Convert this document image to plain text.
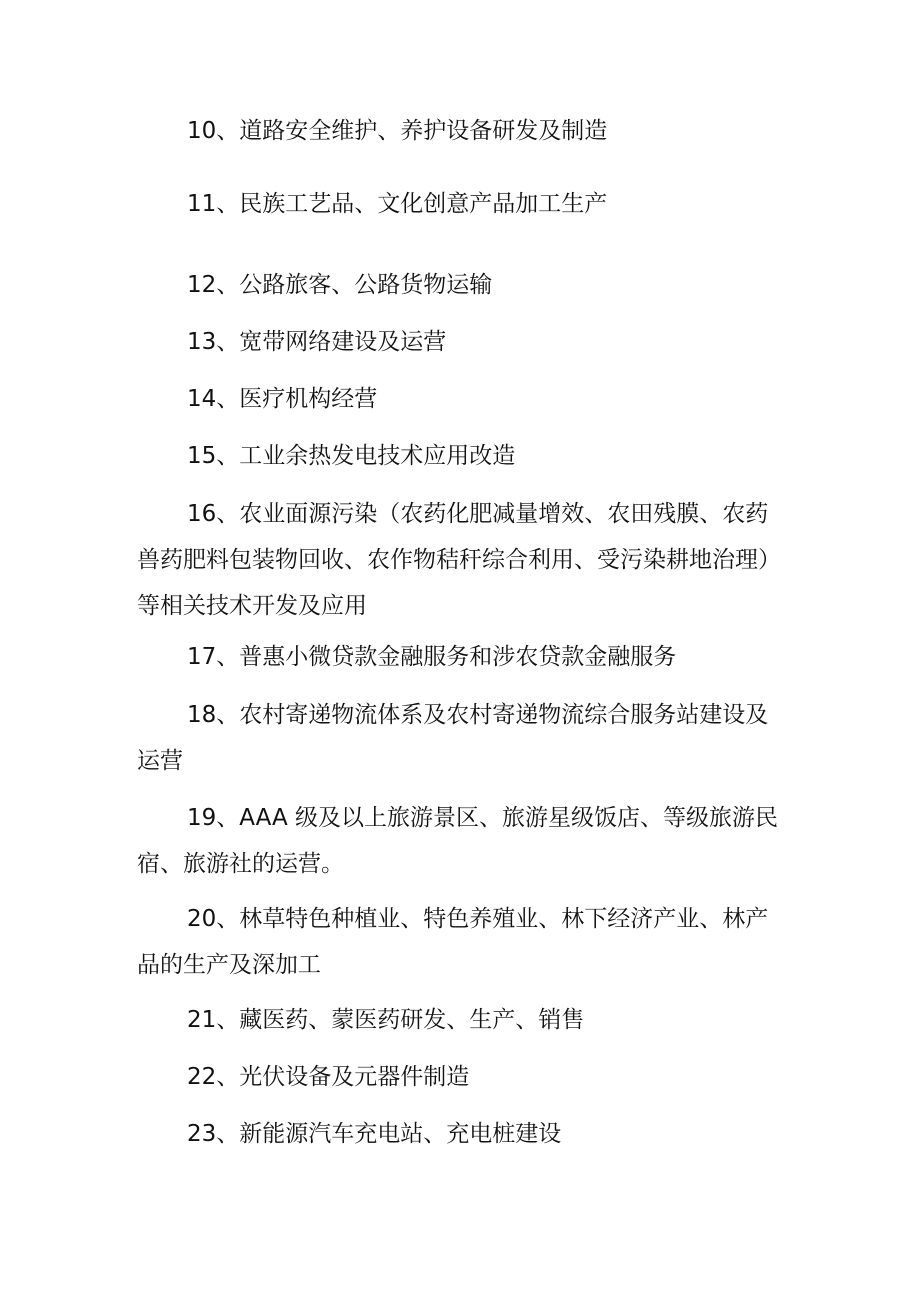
10、道路安全维护、养护设备研发及制造

11、民族工艺品、文化创意产品加工生产

12、公路旅客、公路货物运输

13、宽带网络建设及运营

14、医疗机构经营

15、工业余热发电技术应用改造

16、农业面源污染（农药化肥减量增效、农田残膜、农药兽药肥料包装物回收、农作物秸秆综合利用、受污染耕地治理）等相关技术开发及应用

17、普惠小微贷款金融服务和涉农贷款金融服务

18、农村寄递物流体系及农村寄递物流综合服务站建设及运营

19、AAA 级及以上旅游景区、旅游星级饭店、等级旅游民宿、旅游社的运营。

20、林草特色种植业、特色养殖业、林下经济产业、林产品的生产及深加工

21、藏医药、蒙医药研发、生产、销售

22、光伏设备及元器件制造

23、新能源汽车充电站、充电桩建设
